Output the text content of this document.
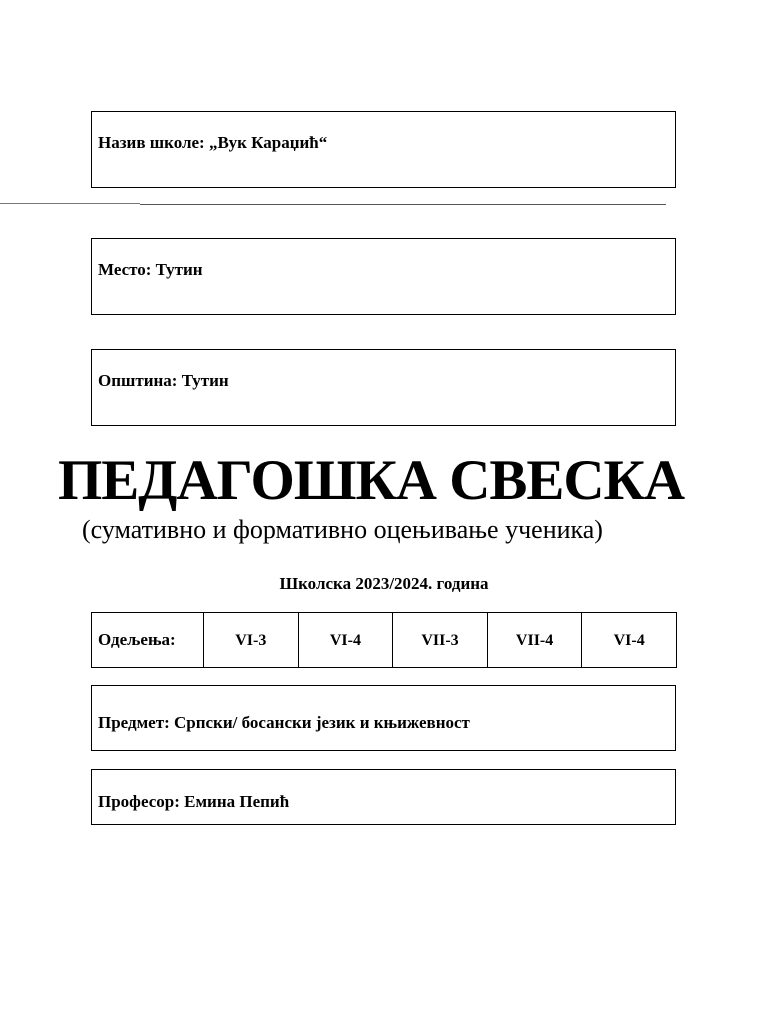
Назив школе: „Вук Караџић“
Место: Тутин
Општина: Тутин
ПЕДАГОШКА СВЕСКА
(сумативно и формативно оцењивање ученика)
Школска 2023/2024. година
Одељења:	VI-3	VI-4	VII-3	VII-4	VI-4
Предмет: Српски/ босански језик и књижевност
Професор: Емина Пепић
